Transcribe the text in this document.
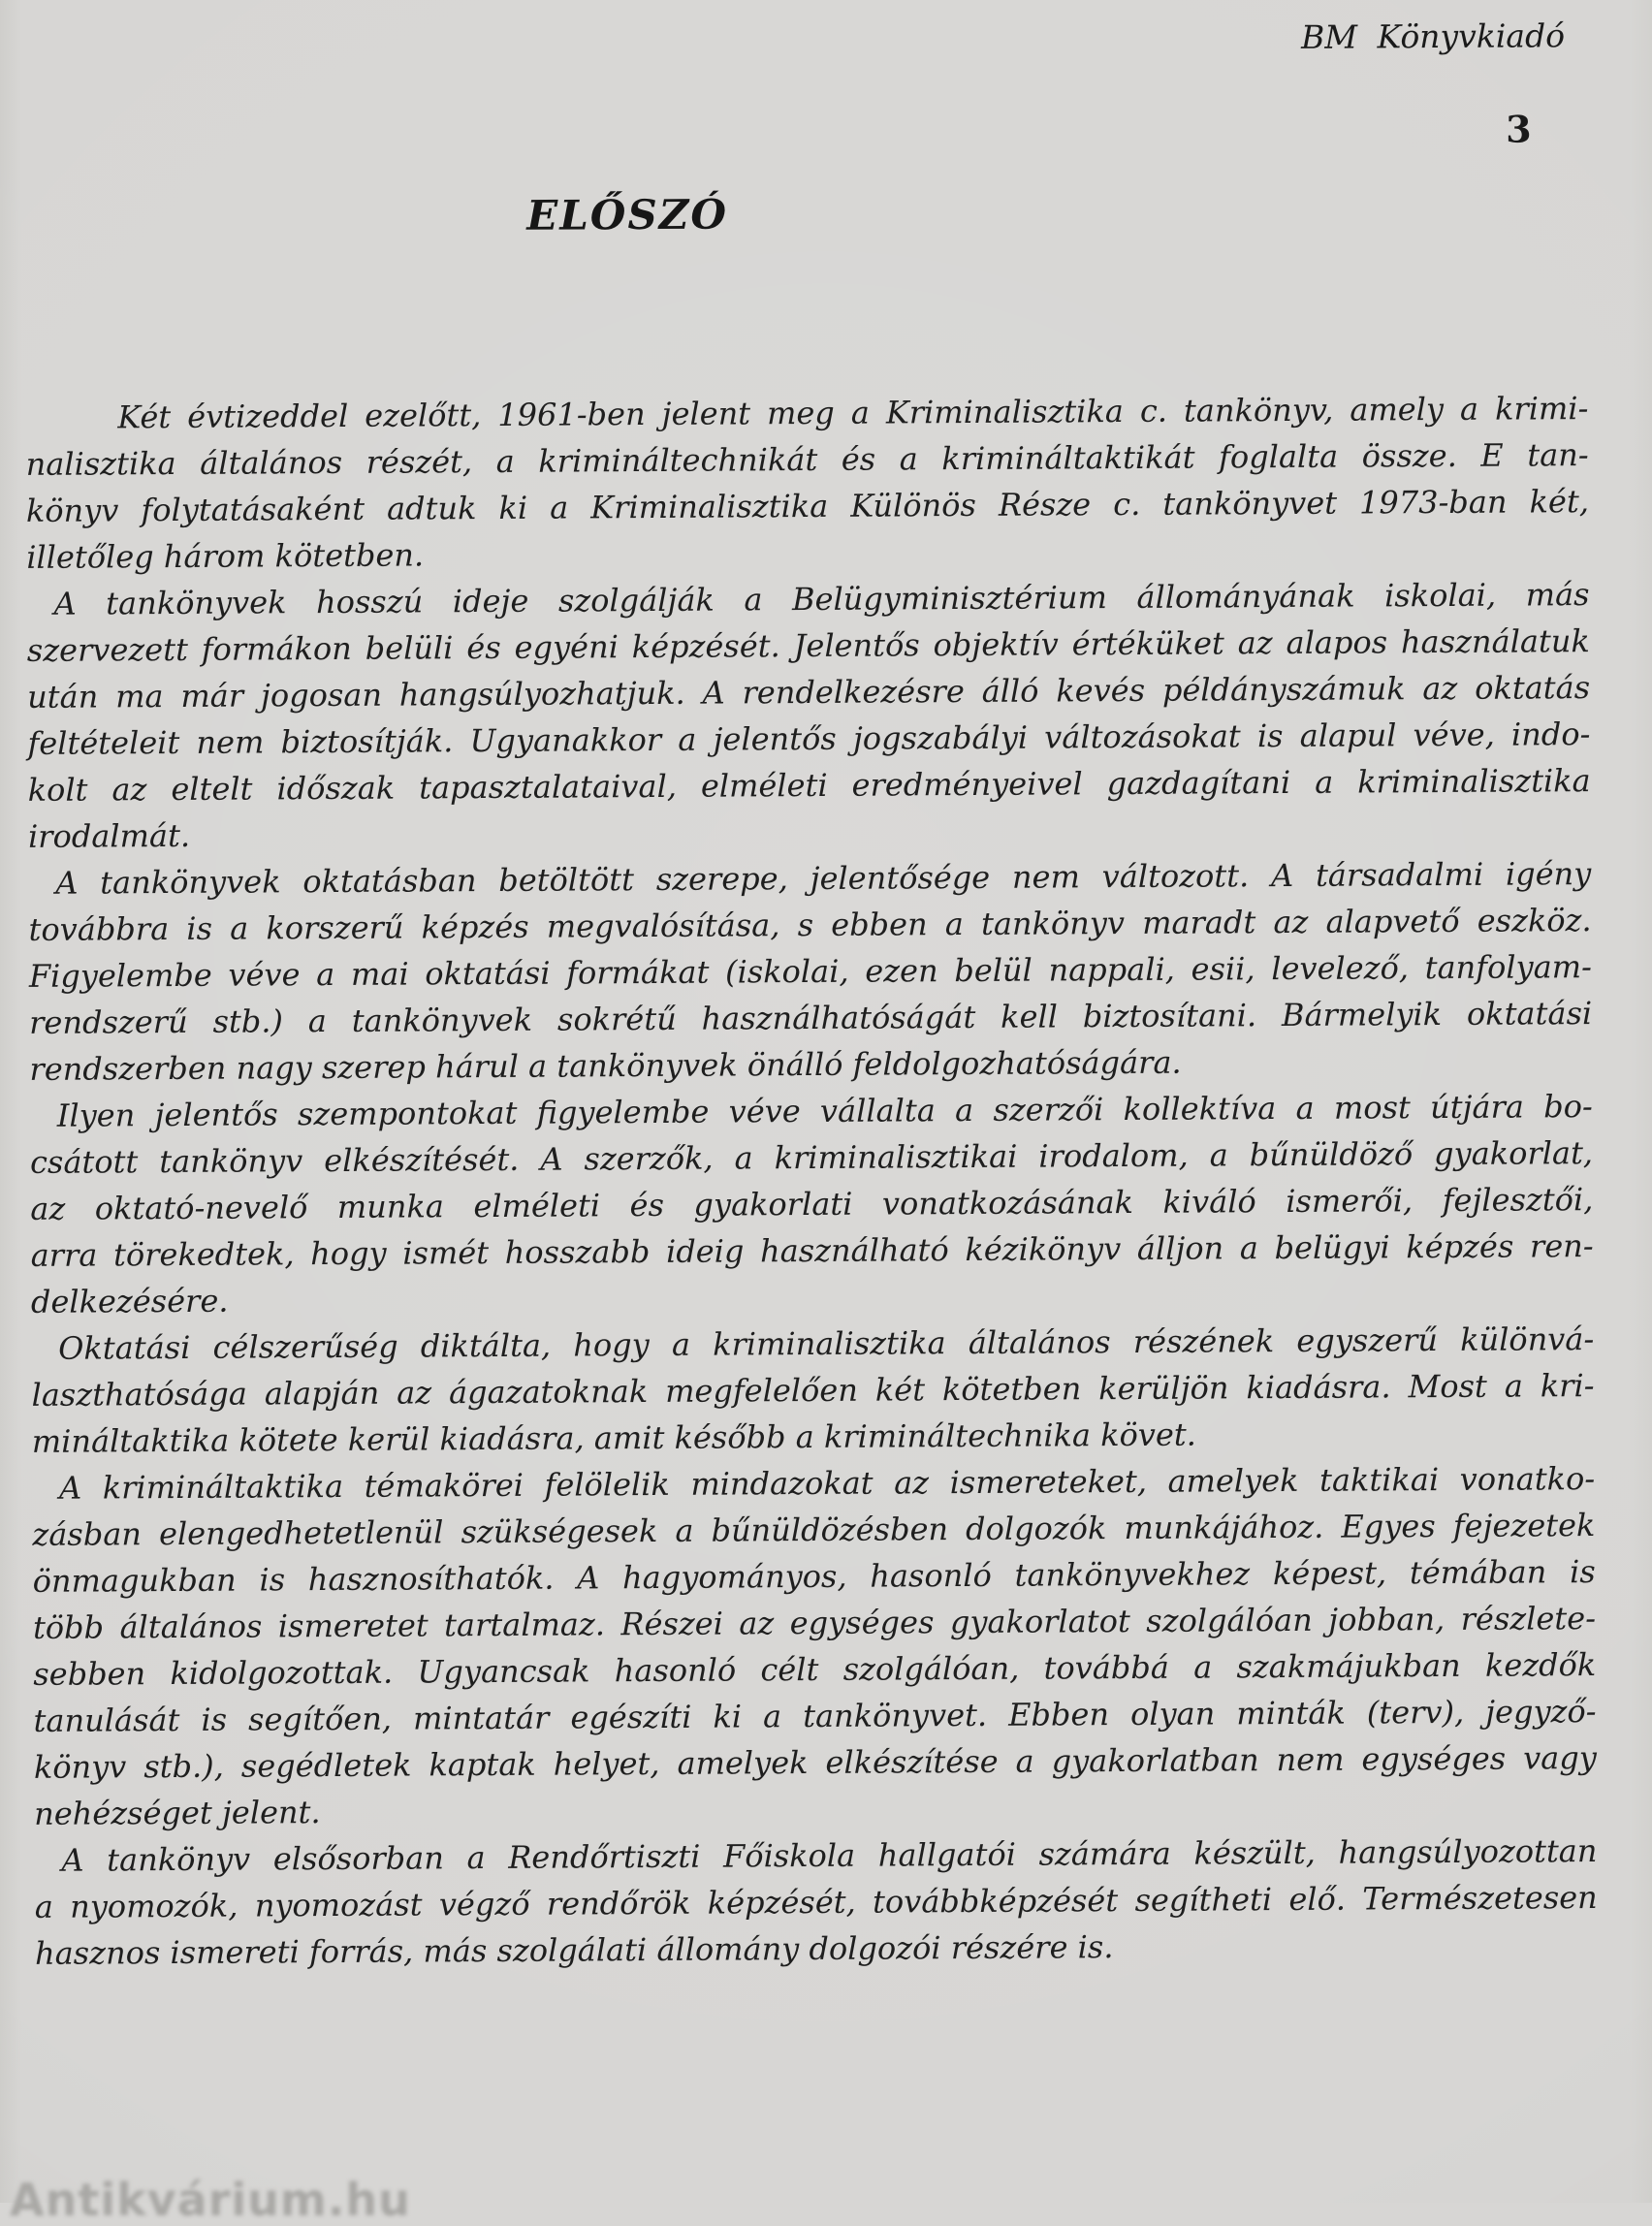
ELŐSZÓ
Két évtizeddel ezelőtt, 1961-ben jelent meg a Kriminalisztika c. tankönyv, amely a krimi-
nalisztika általános részét, a krimináltechnikát és a krimináltaktikát foglalta össze. E tan-
könyv folytatásaként adtuk ki a Kriminalisztika Különös Része c. tankönyvet 1973-ban két,
illetőleg három kötetben.
A tankönyvek hosszú ideje szolgálják a Belügyminisztérium állományának iskolai, más
szervezett formákon belüli és egyéni képzését. Jelentős objektív értéküket az alapos használatuk
után ma már jogosan hangsúlyozhatjuk. A rendelkezésre álló kevés példányszámuk az oktatás
feltételeit nem biztosítják. Ugyanakkor a jelentős jogszabályi változásokat is alapul véve, indo-
kolt az eltelt időszak tapasztalataival, elméleti eredményeivel gazdagítani a kriminalisztika
irodalmát.
A tankönyvek oktatásban betöltött szerepe, jelentősége nem változott. A társadalmi igény
továbbra is a korszerű képzés megvalósítása, s ebben a tankönyv maradt az alapvető eszköz.
Figyelembe véve a mai oktatási formákat (iskolai, ezen belül nappali, esii, levelező, tanfolyam-
rendszerű stb.) a tankönyvek sokrétű használhatóságát kell biztosítani. Bármelyik oktatási
rendszerben nagy szerep hárul a tankönyvek önálló feldolgozhatóságára.
Ilyen jelentős szempontokat figyelembe véve vállalta a szerzői kollektíva a most útjára bo-
csátott tankönyv elkészítését. A szerzők, a kriminalisztikai irodalom, a bűnüldöző gyakorlat,
az oktató-nevelő munka elméleti és gyakorlati vonatkozásának kiváló ismerői, fejlesztői,
arra törekedtek, hogy ismét hosszabb ideig használható kézikönyv álljon a belügyi képzés ren-
delkezésére.
Oktatási célszerűség diktálta, hogy a kriminalisztika általános részének egyszerű különvá-
laszthatósága alapján az ágazatoknak megfelelően két kötetben kerüljön kiadásra. Most a kri-
mináltaktika kötete kerül kiadásra, amit később a krimináltechnika követ.
A krimináltaktika témakörei felölelik mindazokat az ismereteket, amelyek taktikai vonatko-
zásban elengedhetetlenül szükségesek a bűnüldözésben dolgozók munkájához. Egyes fejezetek
önmagukban is hasznosíthatók. A hagyományos, hasonló tankönyvekhez képest, témában is
több általános ismeretet tartalmaz. Részei az egységes gyakorlatot szolgálóan jobban, részlete-
sebben kidolgozottak. Ugyancsak hasonló célt szolgálóan, továbbá a szakmájukban kezdők
tanulását is segítően, mintatár egészíti ki a tankönyvet. Ebben olyan minták (terv), jegyző-
könyv stb.), segédletek kaptak helyet, amelyek elkészítése a gyakorlatban nem egységes vagy
nehézséget jelent.
A tankönyv elsősorban a Rendőrtiszti Főiskola hallgatói számára készült, hangsúlyozottan
a nyomozók, nyomozást végző rendőrök képzését, továbbképzését segítheti elő. Természetesen
hasznos ismereti forrás, más szolgálati állomány dolgozói részére is.
BM Könyvkiadó
3
Antikvárium.hu
